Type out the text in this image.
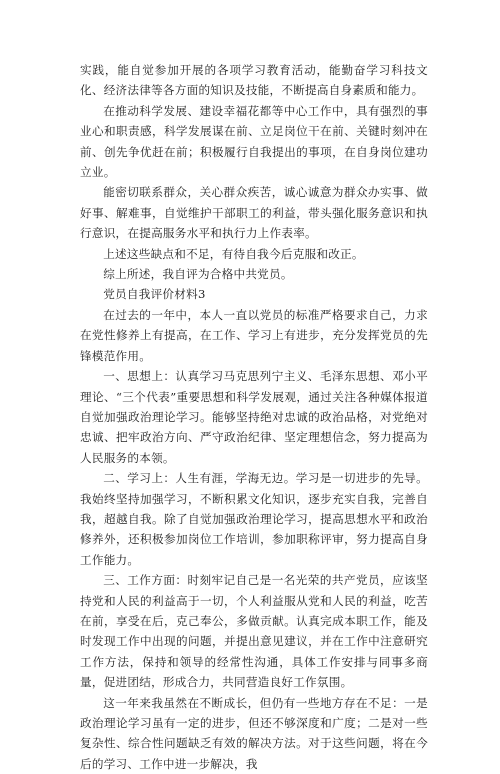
实践，能自觉参加开展的各项学习教育活动，能勤奋学习科技文化、经济法律等各方面的知识及技能，不断提高自身素质和能力。

在推动科学发展、建设幸福花都等中心工作中，具有强烈的事业心和职责感，科学发展谋在前、立足岗位干在前、关键时刻冲在前、创先争优赶在前；积极履行自我提出的事项，在自身岗位建功立业。

能密切联系群众，关心群众疾苦，诚心诚意为群众办实事、做好事、解难事，自觉维护干部职工的利益，带头强化服务意识和执行意识，在提高服务水平和执行力上作表率。

上述这些缺点和不足，有待自我今后克服和改正。

综上所述，我自评为合格中共党员。

党员自我评价材料3

在过去的一年中，本人一直以党员的标准严格要求自己，力求在党性修养上有提高，在工作、学习上有进步，充分发挥党员的先锋模范作用。

一、思想上：认真学习马克思列宁主义、毛泽东思想、邓小平理论、“三个代表”重要思想和科学发展观，通过关注各种媒体报道自觉加强政治理论学习。能够坚持绝对忠诚的政治品格，对党绝对忠诚、把牢政治方向、严守政治纪律、坚定理想信念，努力提高为人民服务的本领。

二、学习上：人生有涯，学海无边。学习是一切进步的先导。我始终坚持加强学习，不断积累文化知识，逐步充实自我，完善自我，超越自我。除了自觉加强政治理论学习，提高思想水平和政治修养外，还积极参加岗位工作培训，参加职称评审，努力提高自身工作能力。

三、工作方面：时刻牢记自己是一名光荣的共产党员，应该坚持党和人民的利益高于一切，个人利益服从党和人民的利益，吃苦在前，享受在后，克己奉公，多做贡献。认真完成本职工作，能及时发现工作中出现的问题，并提出意见建议，并在工作中注意研究工作方法，保持和领导的经常性沟通，具体工作安排与同事多商量，促进团结，形成合力，共同营造良好工作氛围。

这一年来我虽然在不断成长，但仍有一些地方存在不足：一是政治理论学习虽有一定的进步，但还不够深度和广度；二是对一些复杂性、综合性问题缺乏有效的解决方法。对于这些问题，将在今后的学习、工作中进一步解决，我
